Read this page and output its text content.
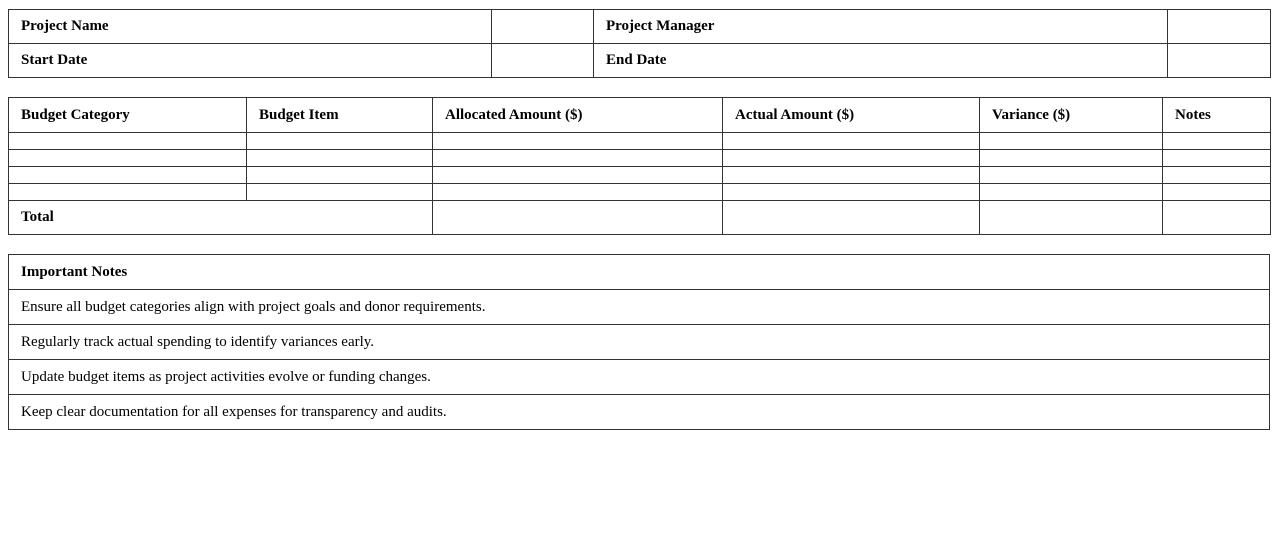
Project Name		Project Manager	
Start Date		End Date	
Budget Category	Budget Item	Allocated Amount ($)	Actual Amount ($)	Variance ($)	Notes

Total					
Important Notes
Ensure all budget categories align with project goals and donor requirements.
Regularly track actual spending to identify variances early.
Update budget items as project activities evolve or funding changes.
Keep clear documentation for all expenses for transparency and audits.
